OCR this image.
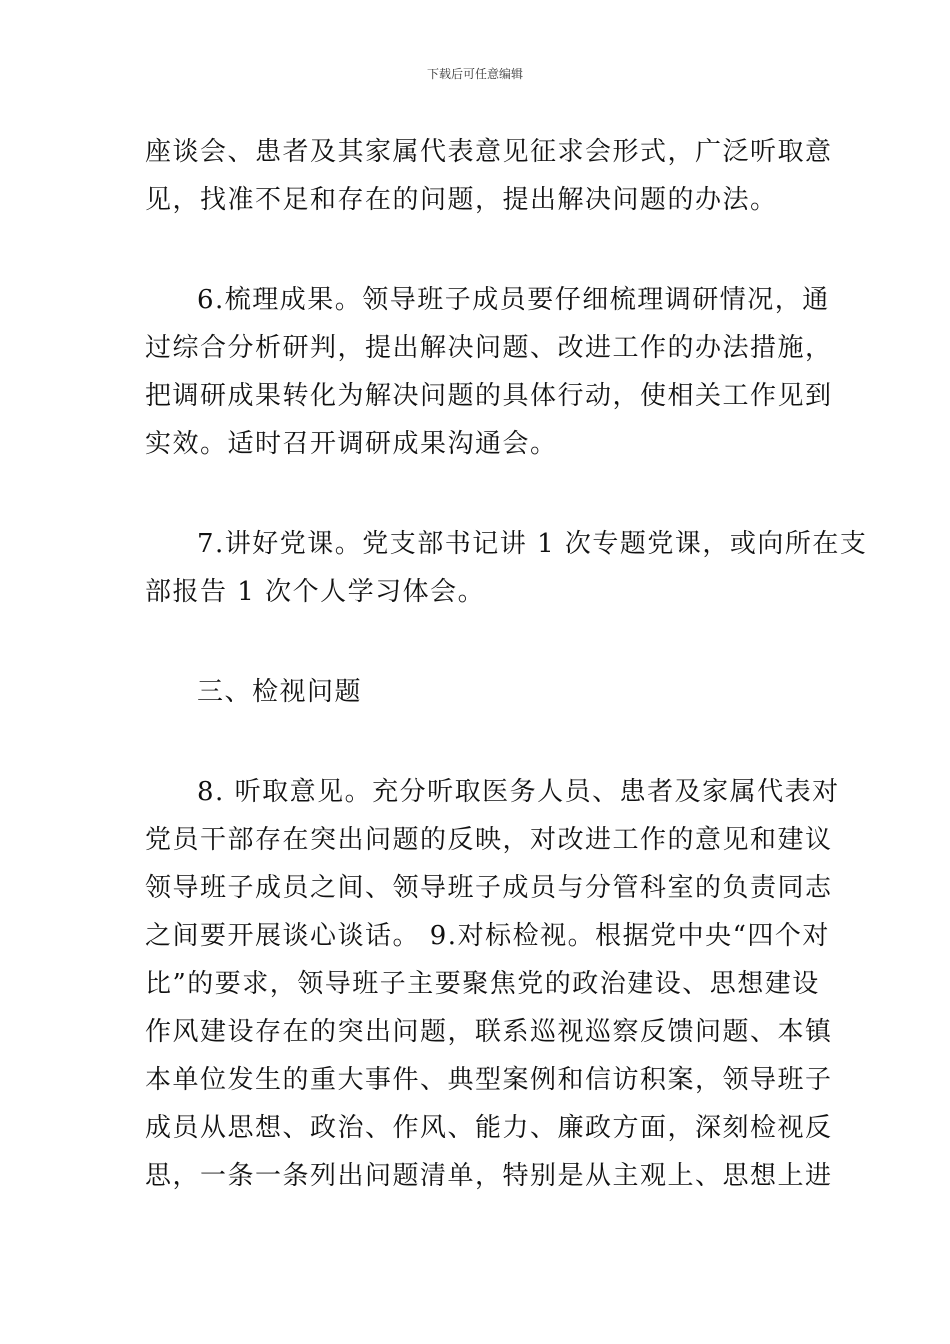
下载后可任意编辑
座谈会、患者及其家属代表意见征求会形式，广泛听取意
见，找准不足和存在的问题，提出解决问题的办法。
6.梳理成果。领导班子成员要仔细梳理调研情况，通
过综合分析研判，提出解决问题、改进工作的办法措施，
把调研成果转化为解决问题的具体行动，使相关工作见到
实效。适时召开调研成果沟通会。
7.讲好党课。党支部书记讲 1 次专题党课，或向所在支
部报告 1 次个人学习体会。
三、检视问题
8. 听取意见。充分听取医务人员、患者及家属代表对
党员干部存在突出问题的反映，对改进工作的意见和建议
领导班子成员之间、领导班子成员与分管科室的负责同志
之间要开展谈心谈话。 9.对标检视。根据党中央“四个对
比”的要求，领导班子主要聚焦党的政治建设、思想建设
作风建设存在的突出问题，联系巡视巡察反馈问题、本镇
本单位发生的重大事件、典型案例和信访积案，领导班子
成员从思想、政治、作风、能力、廉政方面，深刻检视反
思，一条一条列出问题清单，特别是从主观上、思想上进
